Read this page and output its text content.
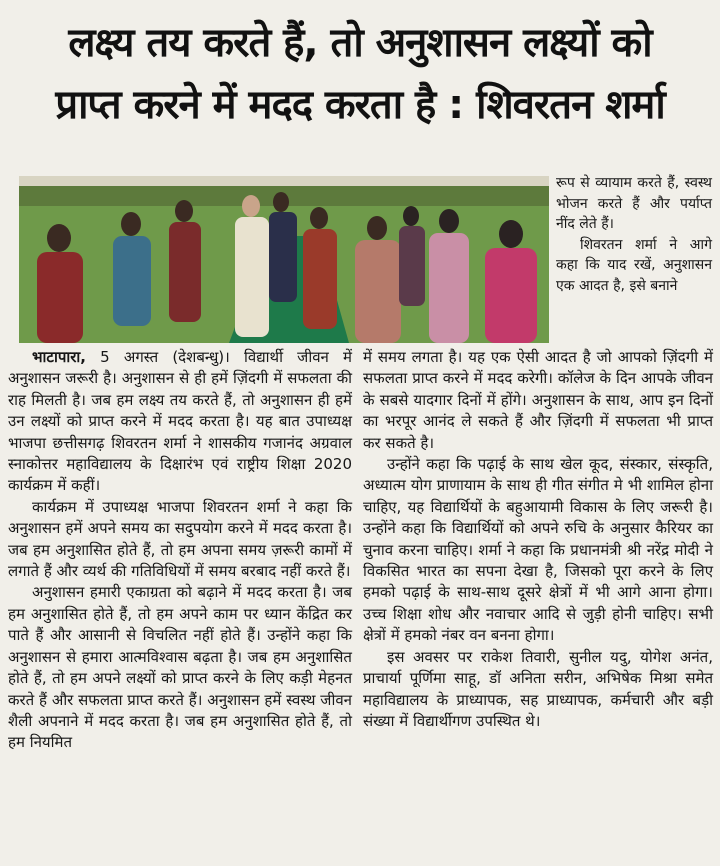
लक्ष्य तय करते हैं, तो अनुशासन लक्ष्यों को
प्राप्त करने में मदद करता है : शिवरतन शर्मा

रूप से व्यायाम करते हैं, स्वस्थ भोजन करते हैं और पर्याप्त नींद लेते हैं।

शिवरतन शर्मा ने आगे कहा कि याद रखें, अनुशासन एक आदत है, इसे बनाने

भाटापारा, 5 अगस्त (देशबन्धु)। विद्यार्थी जीवन में अनुशासन जरूरी है। अनुशासन से ही हमें ज़िंदगी में सफलता की राह मिलती है। जब हम लक्ष्य तय करते हैं, तो अनुशासन ही हमें उन लक्ष्यों को प्राप्त करने में मदद करता है। यह बात उपाध्यक्ष भाजपा छत्तीसगढ़ शिवरतन शर्मा ने शासकीय गजानंद अग्रवाल स्नाकोत्तर महाविद्यालय के दिक्षारंभ एवं राष्ट्रीय शिक्षा 2020 कार्यक्रम में कहीं।

कार्यक्रम में उपाध्यक्ष भाजपा शिवरतन शर्मा ने कहा कि अनुशासन हमें अपने समय का सदुपयोग करने में मदद करता है। जब हम अनुशासित होते हैं, तो हम अपना समय ज़रूरी कामों में लगाते हैं और व्यर्थ की गतिविधियों में समय बरबाद नहीं करते हैं।

अनुशासन हमारी एकाग्रता को बढ़ाने में मदद करता है। जब हम अनुशासित होते हैं, तो हम अपने काम पर ध्यान केंद्रित कर पाते हैं और आसानी से विचलित नहीं होते हैं। उन्होंने कहा कि अनुशासन से हमारा आत्मविश्वास बढ़ता है। जब हम अनुशासित होते हैं, तो हम अपने लक्ष्यों को प्राप्त करने के लिए कड़ी मेहनत करते हैं और सफलता प्राप्त करते हैं। अनुशासन हमें स्वस्थ जीवन शैली अपनाने में मदद करता है। जब हम अनुशासित होते हैं, तो हम नियमित

में समय लगता है। यह एक ऐसी आदत है जो आपको ज़िंदगी में सफलता प्राप्त करने में मदद करेगी। कॉलेज के दिन आपके जीवन के सबसे यादगार दिनों में होंगे। अनुशासन के साथ, आप इन दिनों का भरपूर आनंद ले सकते हैं और ज़िंदगी में सफलता भी प्राप्त कर सकते है।

उन्होंने कहा कि पढ़ाई के साथ खेल कूद, संस्कार, संस्कृति, अध्यात्म योग प्राणायाम के साथ ही गीत संगीत मे भी शामिल होना चाहिए, यह विद्यार्थियों के बहुआयामी विकास के लिए जरूरी है। उन्होंने कहा कि विद्यार्थियों को अपने रुचि के अनुसार कैरियर का चुनाव करना चाहिए। शर्मा ने कहा कि प्रधानमंत्री श्री नरेंद्र मोदी ने विकसित भारत का सपना देखा है, जिसको पूरा करने के लिए हमको पढ़ाई के साथ-साथ दूसरे क्षेत्रों में भी आगे आना होगा। उच्च शिक्षा शोध और नवाचार आदि से जुड़ी होनी चाहिए। सभी क्षेत्रों में हमको नंबर वन बनना होगा।

इस अवसर पर राकेश तिवारी, सुनील यदु, योगेश अनंत, प्राचार्या पूर्णिमा साहू, डॉ अनिता सरीन, अभिषेक मिश्रा समेत महाविद्यालय के प्राध्यापक, सह प्राध्यापक, कर्मचारी और बड़ी संख्या में विद्यार्थीगण उपस्थित थे।
